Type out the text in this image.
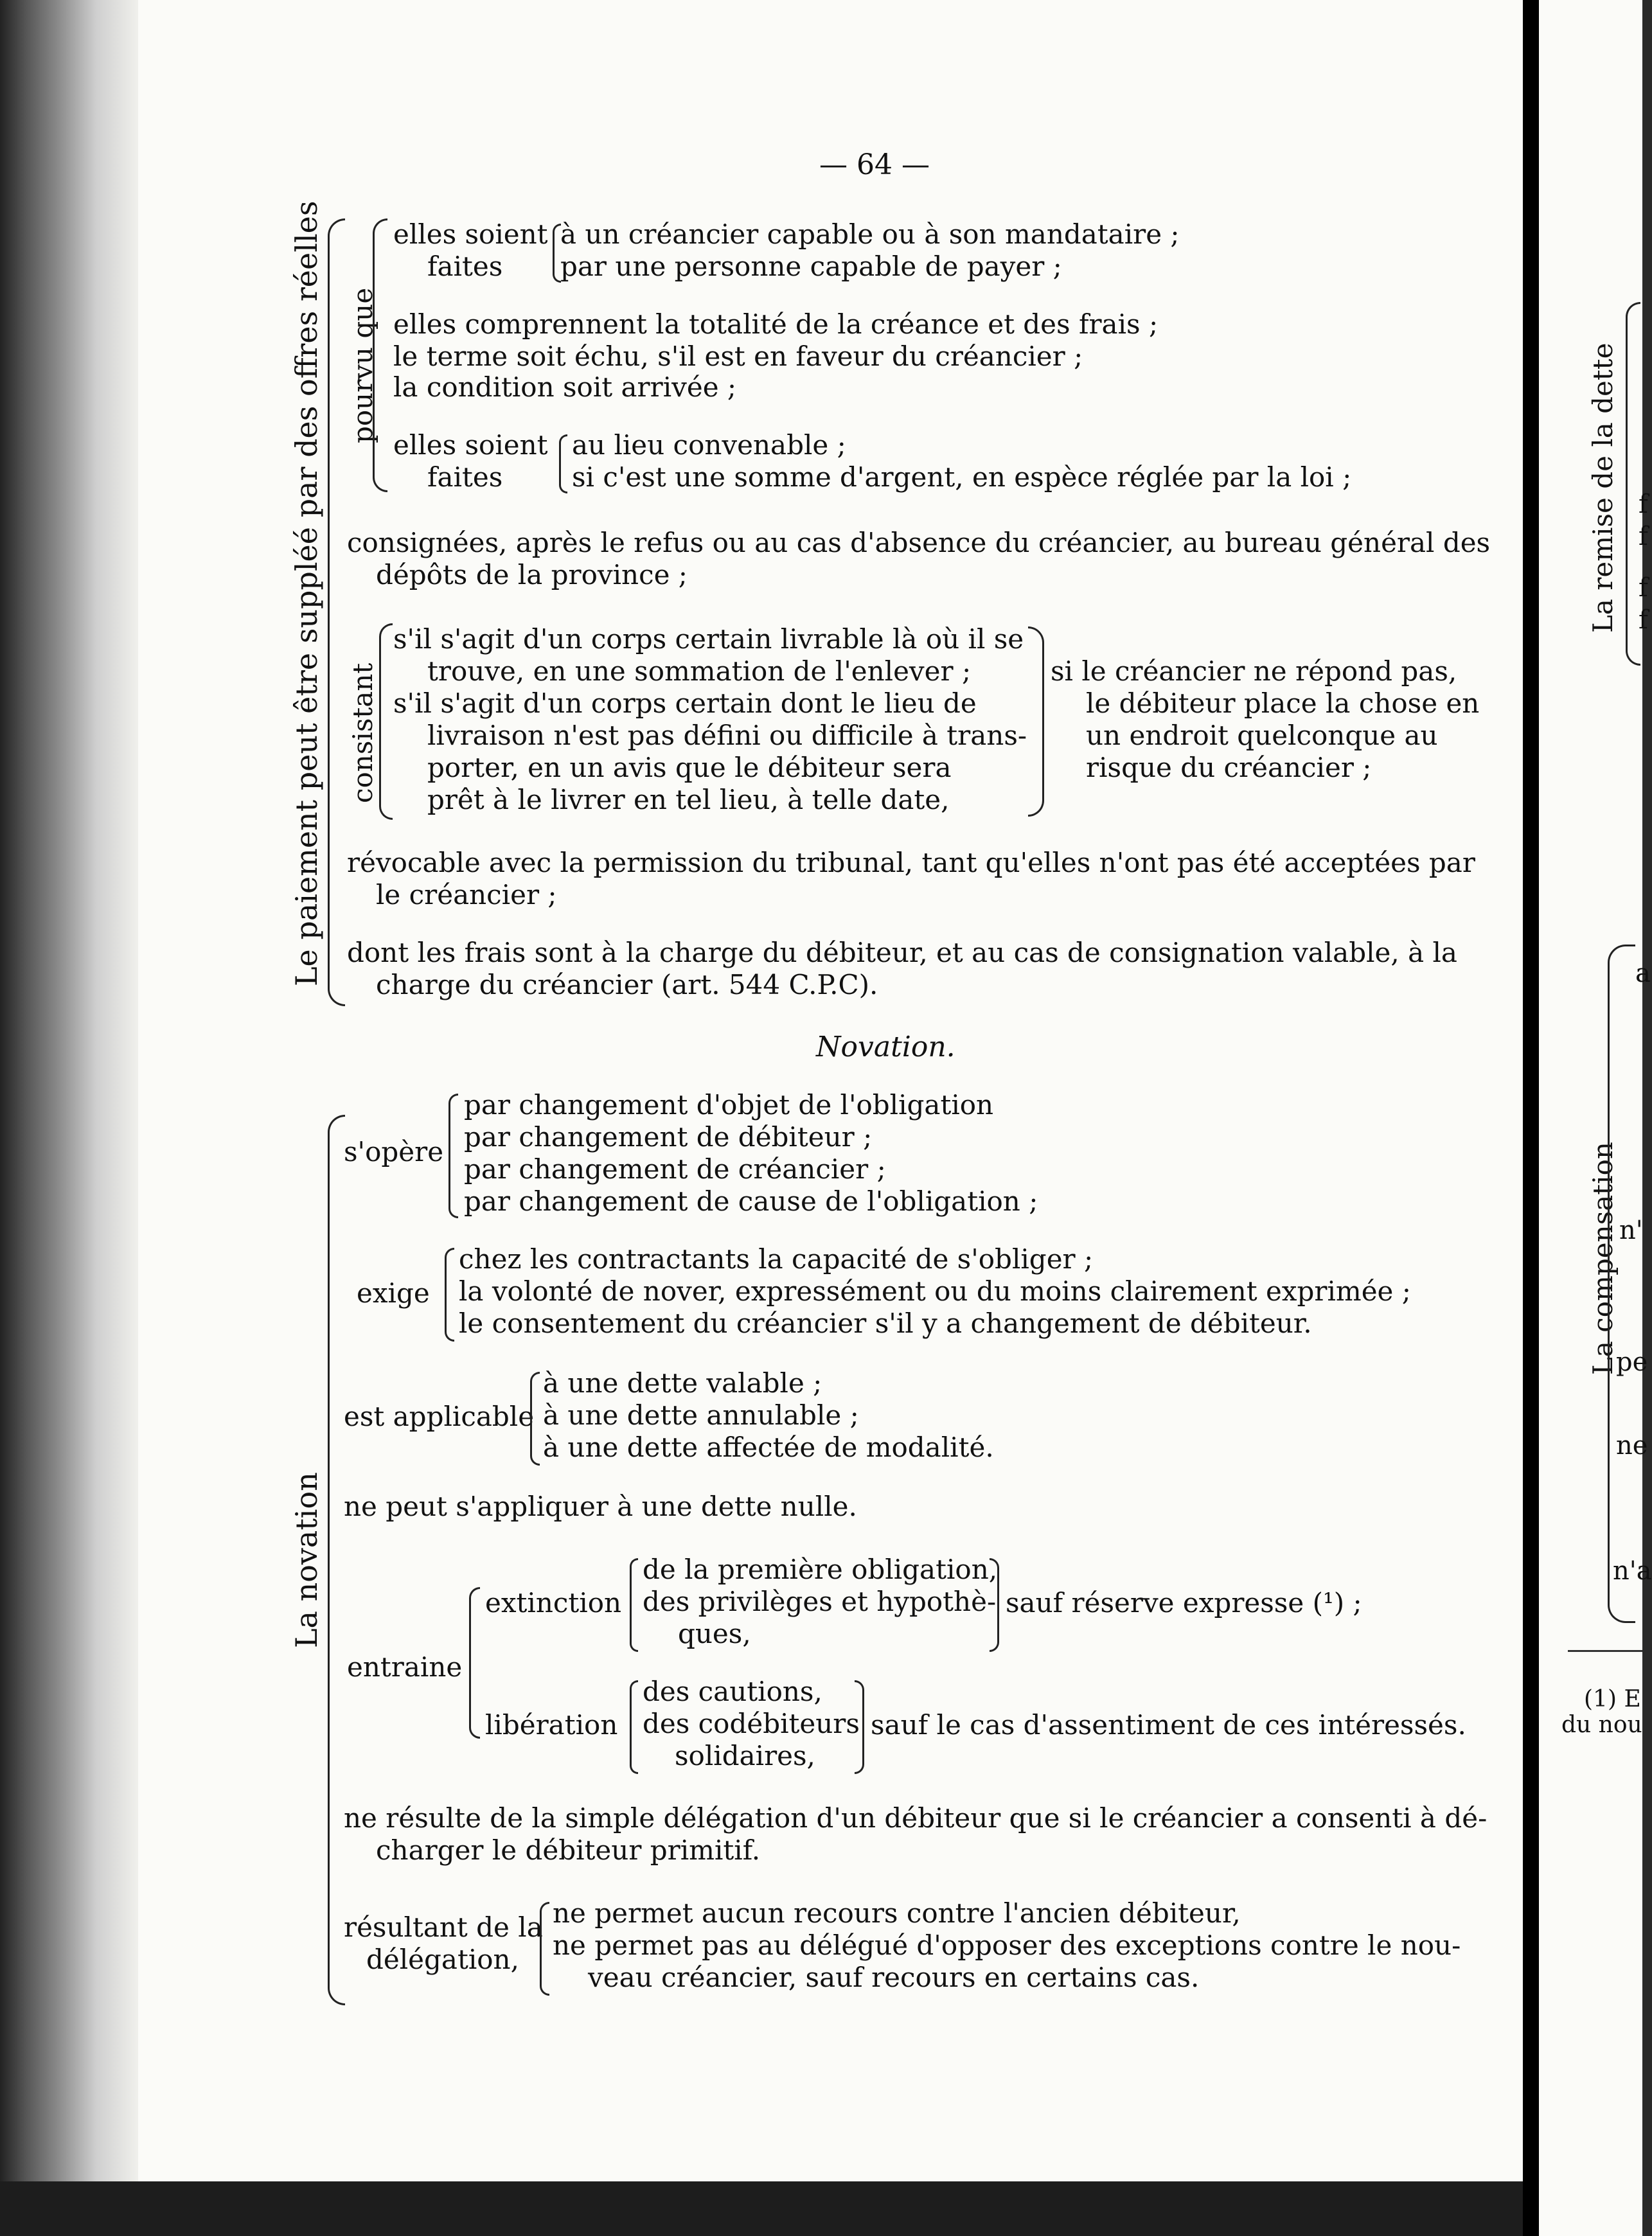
— 64 —
Le paiement peut être suppléé par des offres réelles pourvu que
consistant
La novation
elles soient
faites
à un créancier capable ou à son mandataire ;
par une personne capable de payer ;
elles comprennent la totalité de la créance et des frais ;
le terme soit échu, s'il est en faveur du créancier ;
la condition soit arrivée ;
elles soient
faites
au lieu convenable ;
si c'est une somme d'argent, en espèce réglée par la loi ;
consignées, après le refus ou au cas d'absence du créancier, au bureau général des
dépôts de la province ;
s'il s'agit d'un corps certain livrable là où il se
trouve, en une sommation de l'enlever ;
s'il s'agit d'un corps certain dont le lieu de
livraison n'est pas défini ou difficile à trans-
porter, en un avis que le débiteur sera
prêt à le livrer en tel lieu, à telle date,
si le créancier ne répond pas,
le débiteur place la chose en
un endroit quelconque au
risque du créancier ;
révocable avec la permission du tribunal, tant qu'elles n'ont pas été acceptées par
le créancier ;
dont les frais sont à la charge du débiteur, et au cas de consignation valable, à la
charge du créancier (art. 544 C.P.C).
Novation.
s'opère
par changement d'objet de l'obligation
par changement de débiteur ;
par changement de créancier ;
par changement de cause de l'obligation ;
exige
chez les contractants la capacité de s'obliger ;
la volonté de nover, expressément ou du moins clairement exprimée ;
le consentement du créancier s'il y a changement de débiteur.
est applicable
à une dette valable ;
à une dette annulable ;
à une dette affectée de modalité.
ne peut s'appliquer à une dette nulle.
entraine
extinction
de la première obligation,
des privilèges et hypothè-
ques,
sauf réserve expresse (¹) ;
libération
des cautions,
des codébiteurs
solidaires,
sauf le cas d'assentiment de ces intéressés.
ne résulte de la simple délégation d'un débiteur que si le créancier a consenti à dé-
charger le débiteur primitif.
résultant de la
délégation,
ne permet aucun recours contre l'ancien débiteur,
ne permet pas au délégué d'opposer des exceptions contre le nou-
veau créancier, sauf recours en certains cas.
La remise de la dette
La compensation
f
f
f
f
a
n'
pe
ne
n'a
(1) E
du nou
